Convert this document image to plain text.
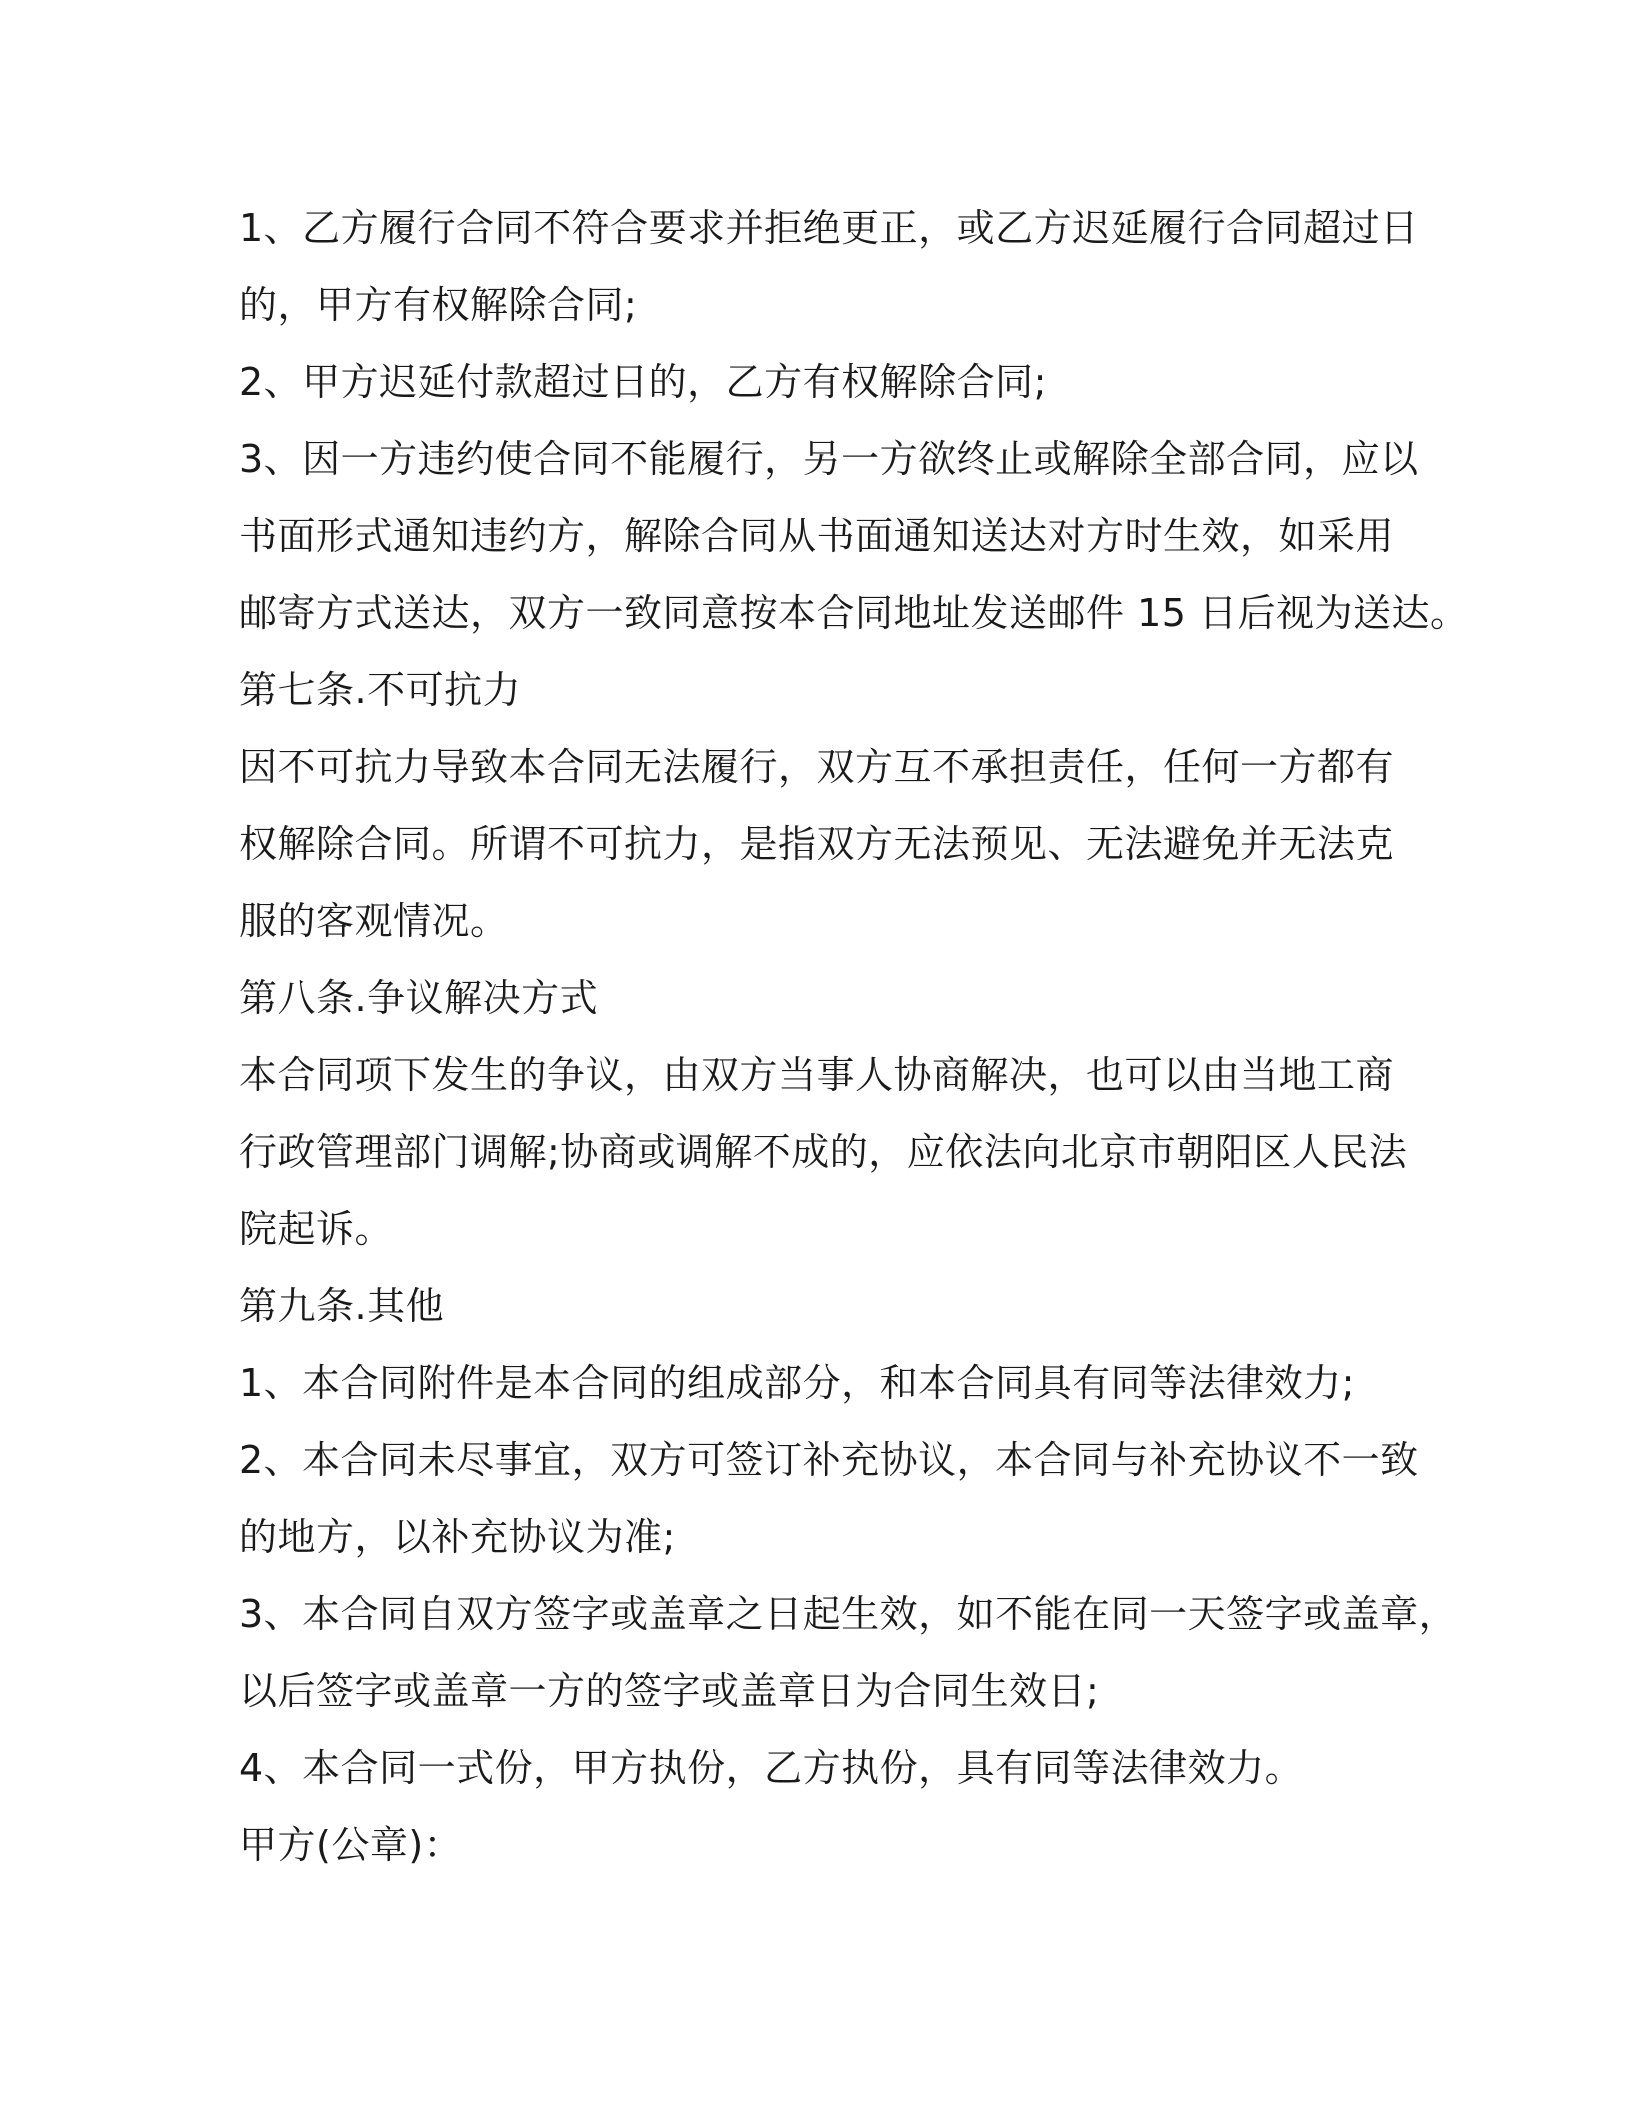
1、乙方履行合同不符合要求并拒绝更正，或乙方迟延履行合同超过日
的，甲方有权解除合同;
2、甲方迟延付款超过日的，乙方有权解除合同;
3、因一方违约使合同不能履行，另一方欲终止或解除全部合同，应以
书面形式通知违约方，解除合同从书面通知送达对方时生效，如采用
邮寄方式送达，双方一致同意按本合同地址发送邮件 15 日后视为送达。
第七条.不可抗力
因不可抗力导致本合同无法履行，双方互不承担责任，任何一方都有
权解除合同。所谓不可抗力，是指双方无法预见、无法避免并无法克
服的客观情况。
第八条.争议解决方式
本合同项下发生的争议，由双方当事人协商解决，也可以由当地工商
行政管理部门调解;协商或调解不成的，应依法向北京市朝阳区人民法
院起诉。
第九条.其他
1、本合同附件是本合同的组成部分，和本合同具有同等法律效力;
2、本合同未尽事宜，双方可签订补充协议，本合同与补充协议不一致
的地方，以补充协议为准;
3、本合同自双方签字或盖章之日起生效，如不能在同一天签字或盖章，
以后签字或盖章一方的签字或盖章日为合同生效日;
4、本合同一式份，甲方执份，乙方执份，具有同等法律效力。
甲方(公章)：
